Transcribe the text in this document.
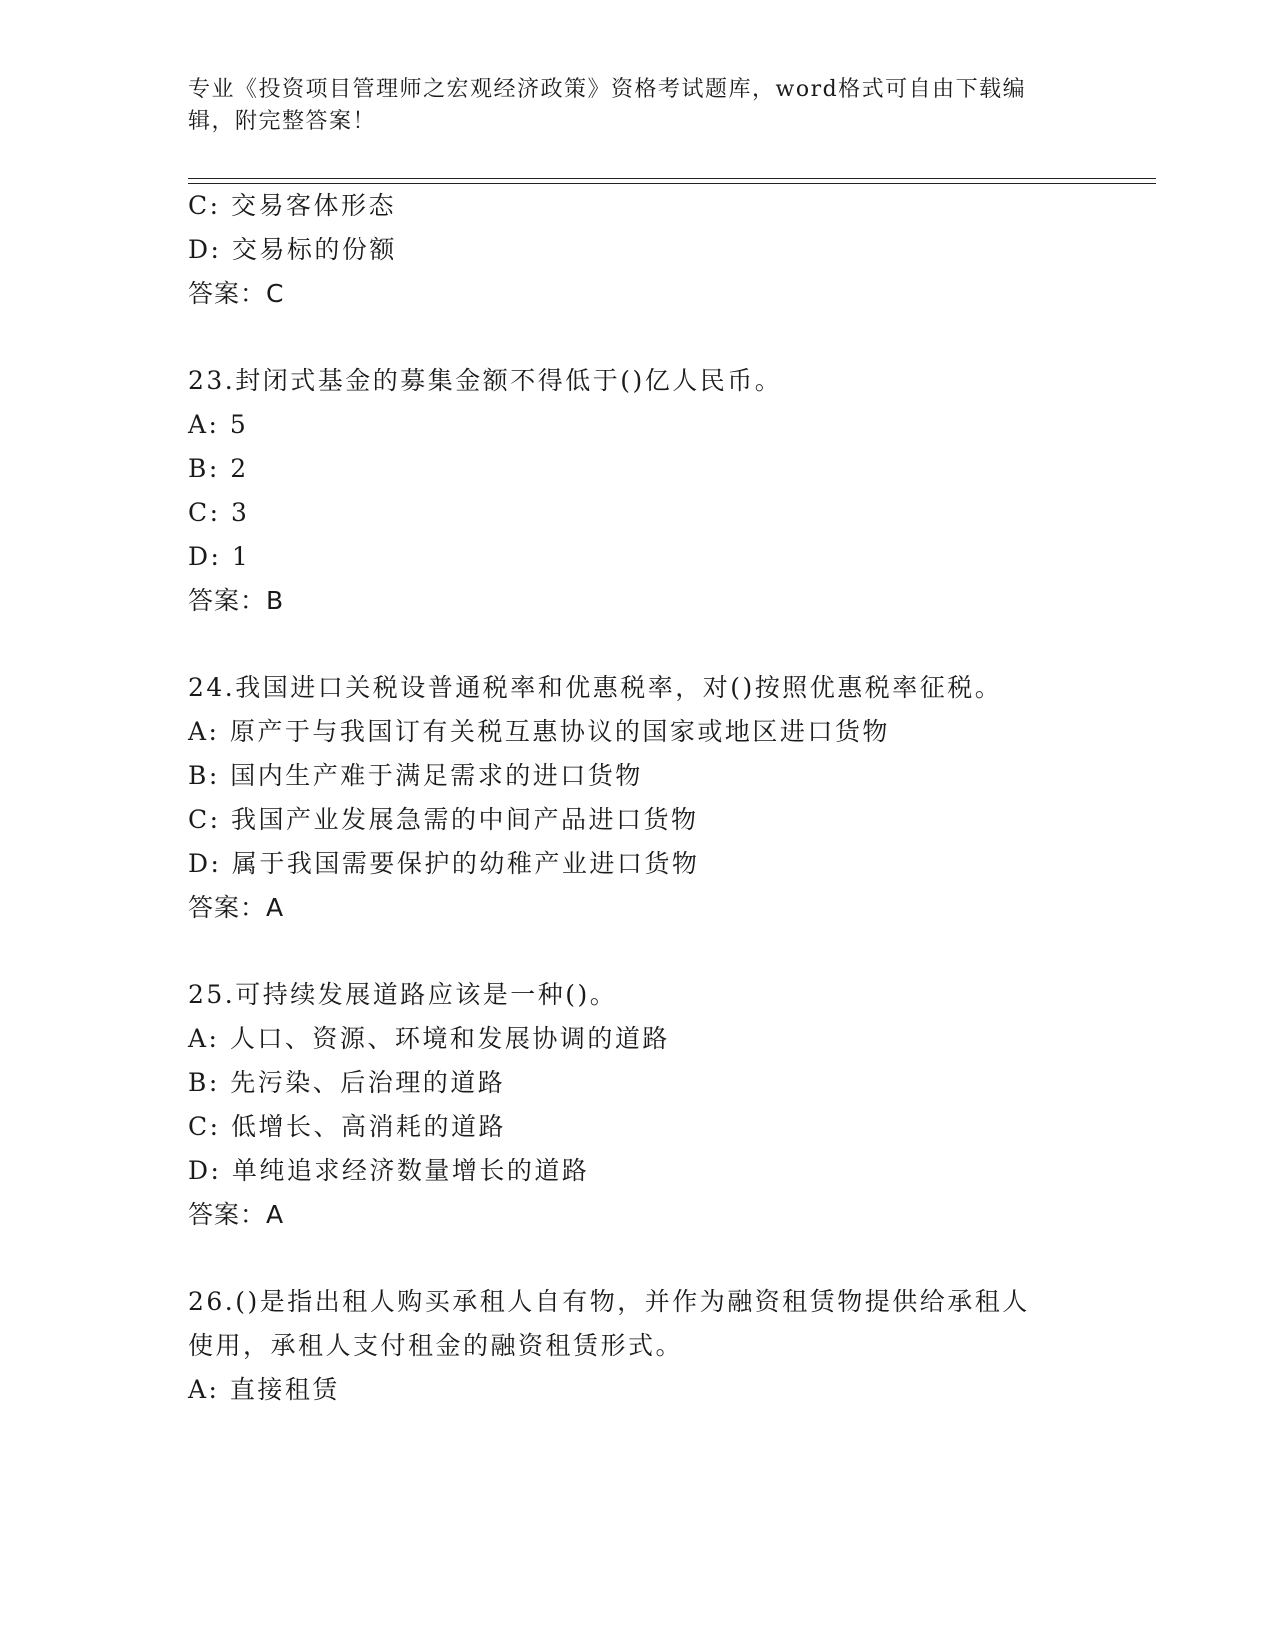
专业《投资项目管理师之宏观经济政策》资格考试题库，word格式可自由下载编
辑，附完整答案！
C: 交易客体形态
D: 交易标的份额
答案：C
23.封闭式基金的募集金额不得低于()亿人民币。
A: 5
B: 2
C: 3
D: 1
答案：B
24.我国进口关税设普通税率和优惠税率，对()按照优惠税率征税。
A: 原产于与我国订有关税互惠协议的国家或地区进口货物
B: 国内生产难于满足需求的进口货物
C: 我国产业发展急需的中间产品进口货物
D: 属于我国需要保护的幼稚产业进口货物
答案：A
25.可持续发展道路应该是一种()。
A: 人口、资源、环境和发展协调的道路
B: 先污染、后治理的道路
C: 低增长、高消耗的道路
D: 单纯追求经济数量增长的道路
答案：A
26.()是指出租人购买承租人自有物，并作为融资租赁物提供给承租人
使用，承租人支付租金的融资租赁形式。
A: 直接租赁
